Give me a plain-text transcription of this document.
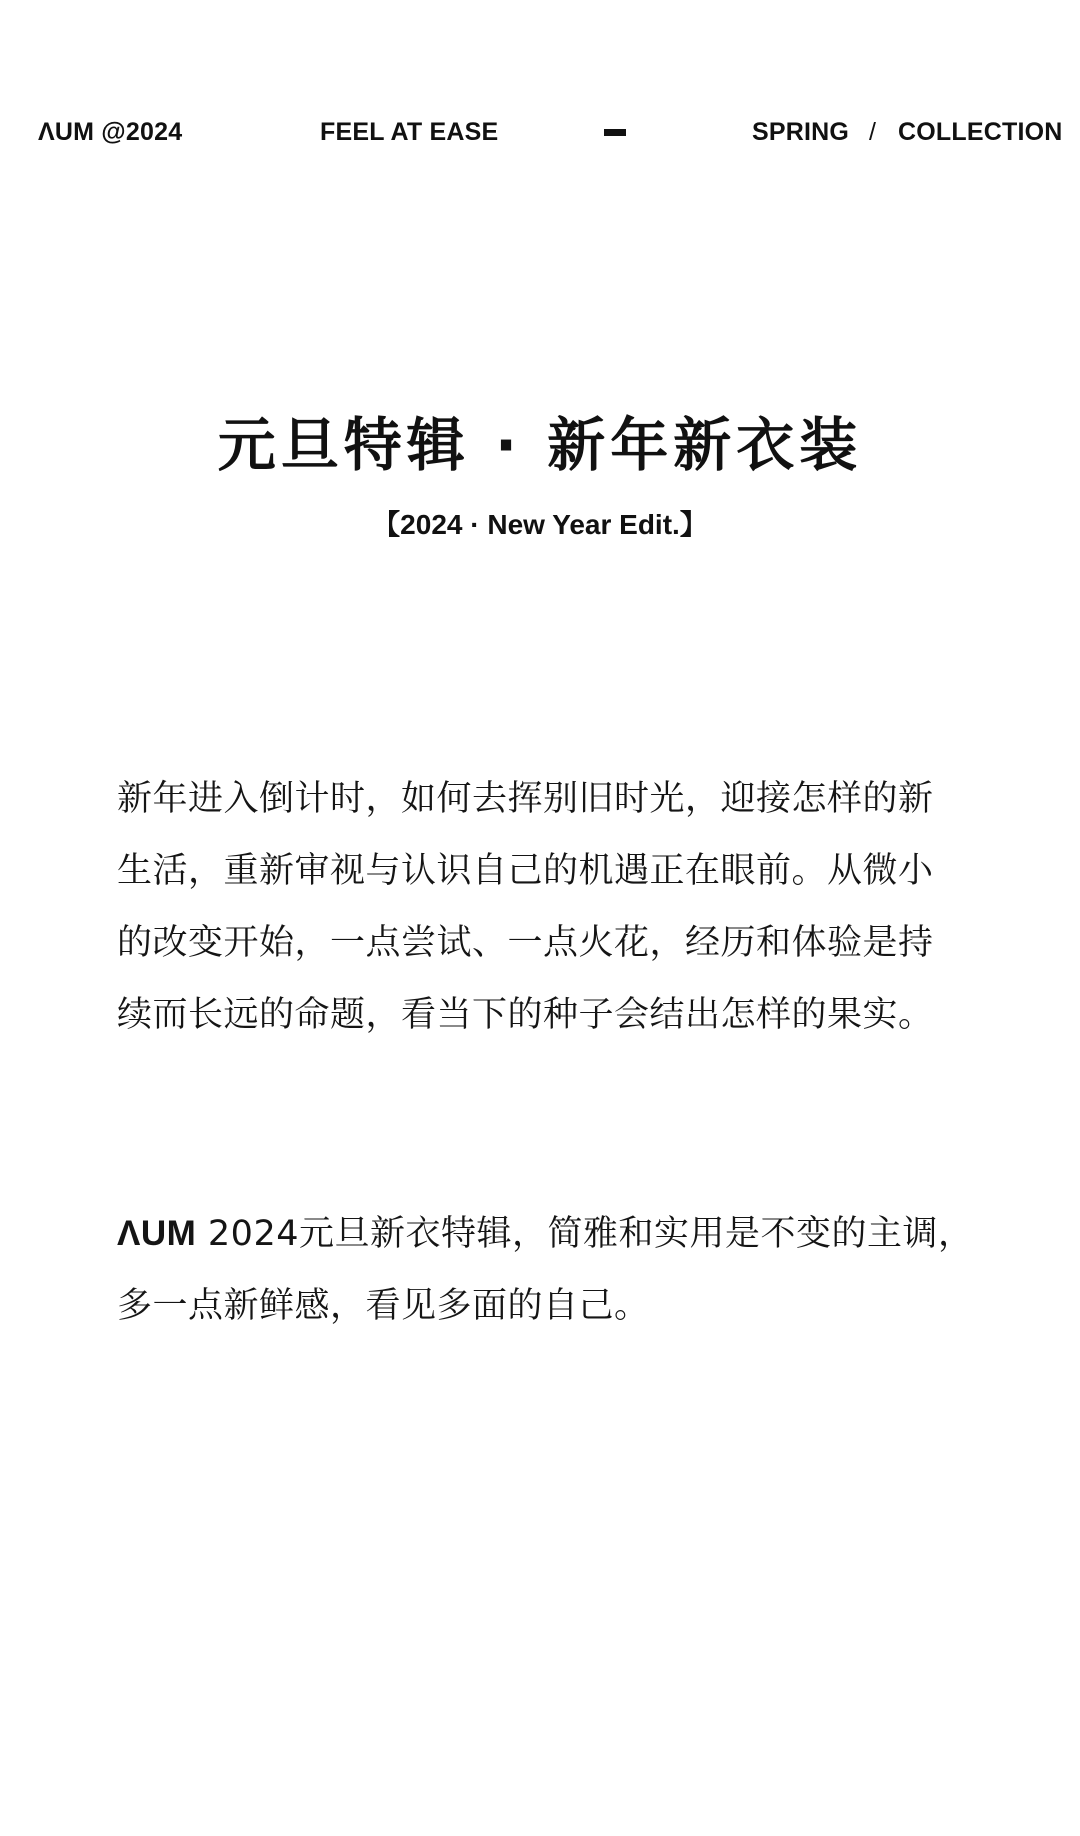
ΛUM @2024	FEEL AT EASE	SPRING / COLLECTION
元旦特辑 · 新年新衣装
【2024 · New Year Edit.】

新年进入倒计时，如何去挥别旧时光，迎接怎样的新
生活，重新审视与认识自己的机遇正在眼前。从微小
的改变开始，一点尝试、一点火花，经历和体验是持
续而长远的命题，看当下的种子会结出怎样的果实。

ΛUM 2024元旦新衣特辑，简雅和实用是不变的主调，
多一点新鲜感，看见多面的自己。
